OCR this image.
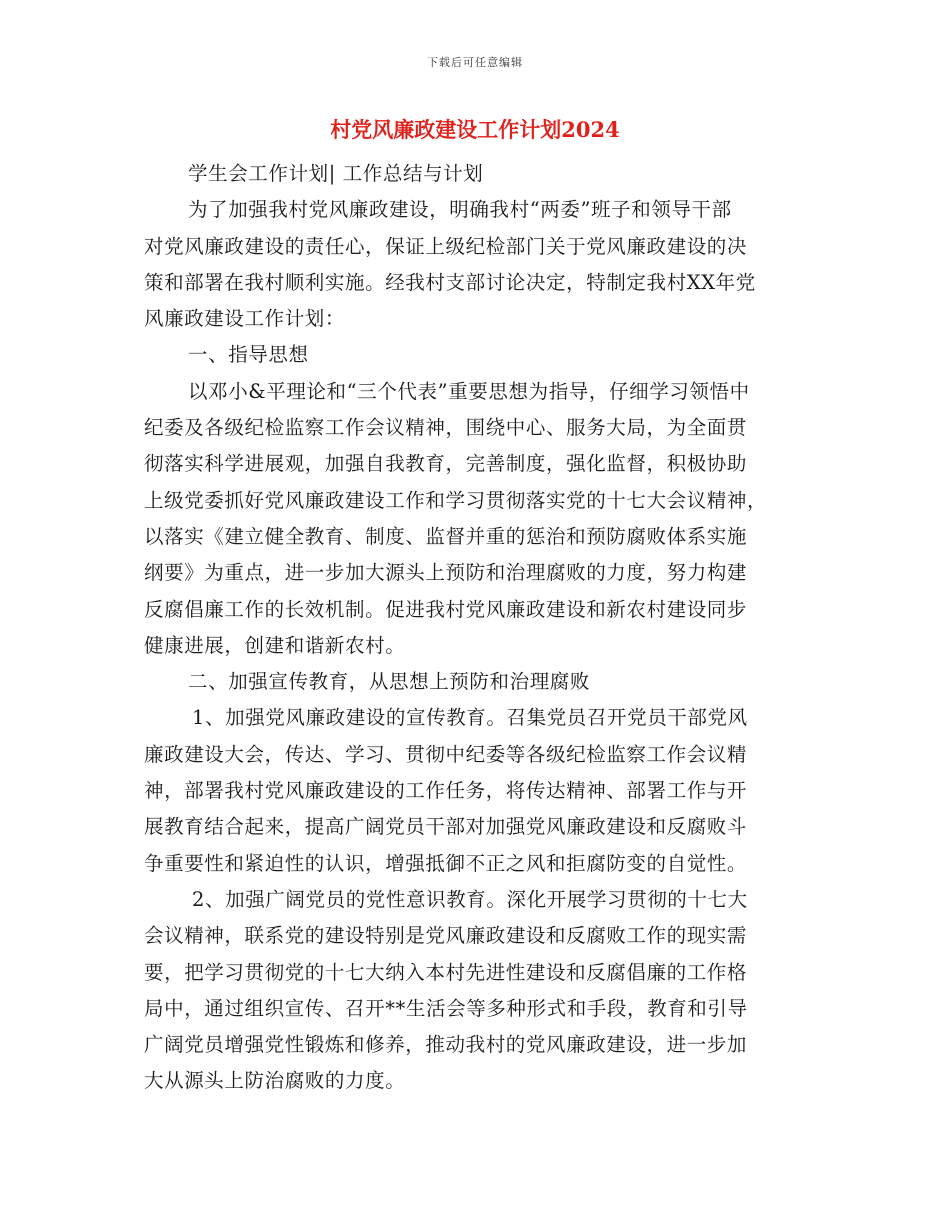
下载后可任意编辑
村党风廉政建设工作计划2024
学生会工作计划| 工作总结与计划
为了加强我村党风廉政建设，明确我村“两委”班子和领导干部
对党风廉政建设的责任心，保证上级纪检部门关于党风廉政建设的决
策和部署在我村顺利实施。经我村支部讨论决定，特制定我村XX年党
风廉政建设工作计划：
一、指导思想
以邓小&平理论和“三个代表”重要思想为指导，仔细学习领悟中
纪委及各级纪检监察工作会议精神，围绕中心、服务大局，为全面贯
彻落实科学进展观，加强自我教育，完善制度，强化监督，积极协助
上级党委抓好党风廉政建设工作和学习贯彻落实党的十七大会议精神，
以落实《建立健全教育、制度、监督并重的惩治和预防腐败体系实施
纲要》为重点，进一步加大源头上预防和治理腐败的力度，努力构建
反腐倡廉工作的长效机制。促进我村党风廉政建设和新农村建设同步
健康进展，创建和谐新农村。
二、加强宣传教育，从思想上预防和治理腐败
1、加强党风廉政建设的宣传教育。召集党员召开党员干部党风
廉政建设大会，传达、学习、贯彻中纪委等各级纪检监察工作会议精
神，部署我村党风廉政建设的工作任务，将传达精神、部署工作与开
展教育结合起来，提高广阔党员干部对加强党风廉政建设和反腐败斗
争重要性和紧迫性的认识，增强抵御不正之风和拒腐防变的自觉性。
2、加强广阔党员的党性意识教育。深化开展学习贯彻的十七大
会议精神，联系党的建设特别是党风廉政建设和反腐败工作的现实需
要，把学习贯彻党的十七大纳入本村先进性建设和反腐倡廉的工作格
局中，通过组织宣传、召开**生活会等多种形式和手段，教育和引导
广阔党员增强党性锻炼和修养，推动我村的党风廉政建设，进一步加
大从源头上防治腐败的力度。
